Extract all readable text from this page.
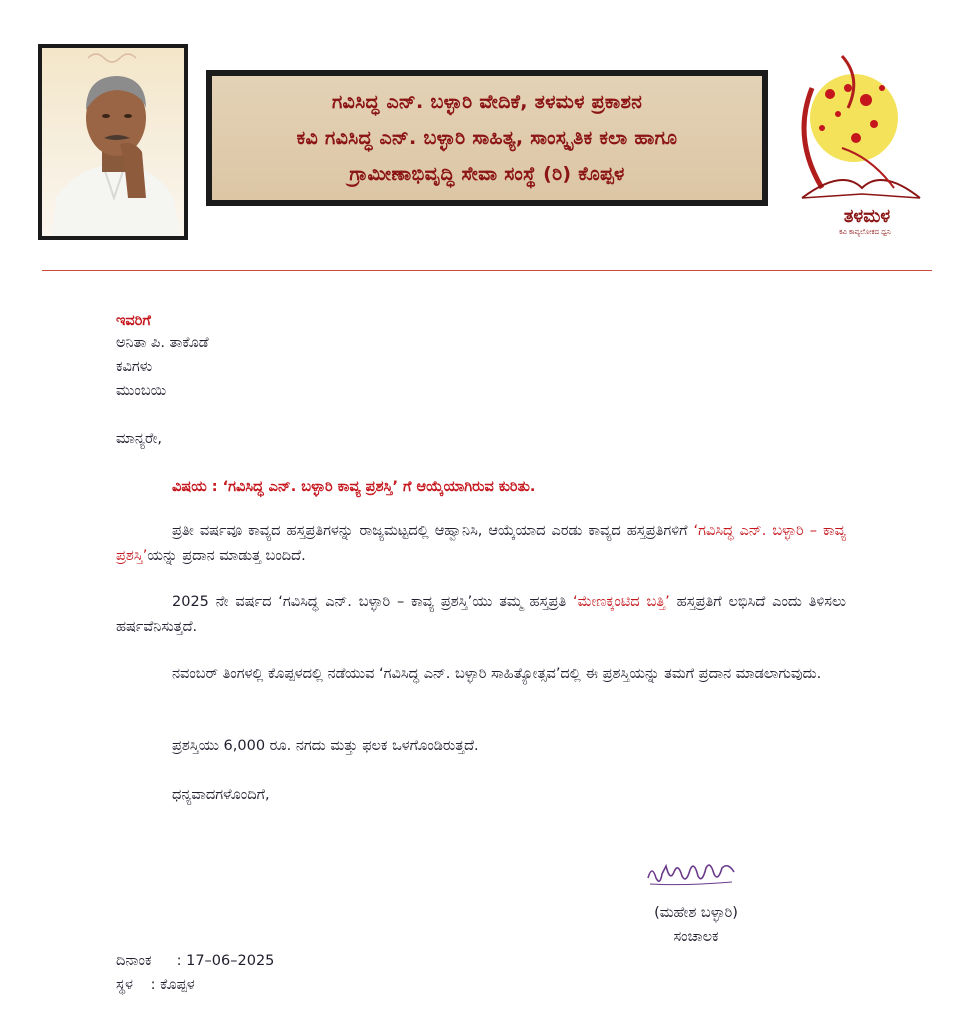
ಗವಿಸಿದ್ಧ ಎನ್. ಬಳ್ಳಾರಿ ವೇದಿಕೆ, ತಳಮಳ ಪ್ರಕಾಶನ
ಕವಿ ಗವಿಸಿದ್ಧ ಎನ್. ಬಳ್ಳಾರಿ ಸಾಹಿತ್ಯ, ಸಾಂಸ್ಕೃತಿಕ ಕಲಾ ಹಾಗೂ
ಗ್ರಾಮೀಣಾಭಿವೃದ್ಧಿ ಸೇವಾ ಸಂಸ್ಥೆ (ರಿ) ಕೊಪ್ಪಳ
ತಳಮಳ
ಕವಿ ಕಾವ್ಯಲೋಕದ ಧ್ವನಿ
ಇವರಿಗೆ
ಅನಿತಾ ಪಿ. ತಾಕೊಡೆ
ಕವಿಗಳು
ಮುಂಬಯಿ
ಮಾನ್ಯರೇ,
ವಿಷಯ : ‘ಗವಿಸಿದ್ಧ ಎನ್. ಬಳ್ಳಾರಿ ಕಾವ್ಯ ಪ್ರಶಸ್ತಿ’ ಗೆ ಆಯ್ಕೆಯಾಗಿರುವ ಕುರಿತು.
ಪ್ರತೀ ವರ್ಷವೂ ಕಾವ್ಯದ ಹಸ್ತಪ್ರತಿಗಳನ್ನು ರಾಜ್ಯಮಟ್ಟದಲ್ಲಿ ಆಹ್ವಾನಿಸಿ, ಆಯ್ಕೆಯಾದ ಎರಡು ಕಾವ್ಯದ ಹಸ್ತಪ್ರತಿಗಳಿಗೆ ‘ಗವಿಸಿದ್ಧ ಎನ್. ಬಳ್ಳಾರಿ – ಕಾವ್ಯ ಪ್ರಶಸ್ತಿ’ಯನ್ನು ಪ್ರದಾನ ಮಾಡುತ್ತ ಬಂದಿದೆ.
2025 ನೇ ವರ್ಷದ ‘ಗವಿಸಿದ್ಧ ಎನ್. ಬಳ್ಳಾರಿ – ಕಾವ್ಯ ಪ್ರಶಸ್ತಿ’ಯು ತಮ್ಮ ಹಸ್ತಪ್ರತಿ ‘ಮೇಣಕ್ಕಂಟಿದ ಬತ್ತಿ’ ಹಸ್ತಪ್ರತಿಗೆ ಲಭಿಸಿದೆ ಎಂದು ತಿಳಿಸಲು ಹರ್ಷವೆನಿಸುತ್ತದೆ.
ನವಂಬರ್ ತಿಂಗಳಲ್ಲಿ ಕೊಪ್ಪಳದಲ್ಲಿ ನಡೆಯುವ ‘ಗವಿಸಿದ್ಧ ಎನ್. ಬಳ್ಳಾರಿ ಸಾಹಿತ್ಯೋತ್ಸವ’ದಲ್ಲಿ ಈ ಪ್ರಶಸ್ತಿಯನ್ನು ತಮಗೆ ಪ್ರದಾನ ಮಾಡಲಾಗುವುದು.
ಪ್ರಶಸ್ತಿಯು 6,000 ರೂ. ನಗದು ಮತ್ತು ಫಲಕ ಒಳಗೊಂಡಿರುತ್ತದೆ.
ಧನ್ಯವಾದಗಳೊಂದಿಗೆ,
(ಮಹೇಶ ಬಳ್ಳಾರಿ)
ಸಂಚಾಲಕ
ದಿನಾಂಕ : 17–06–2025
ಸ್ಥಳ : ಕೊಪ್ಪಳ
